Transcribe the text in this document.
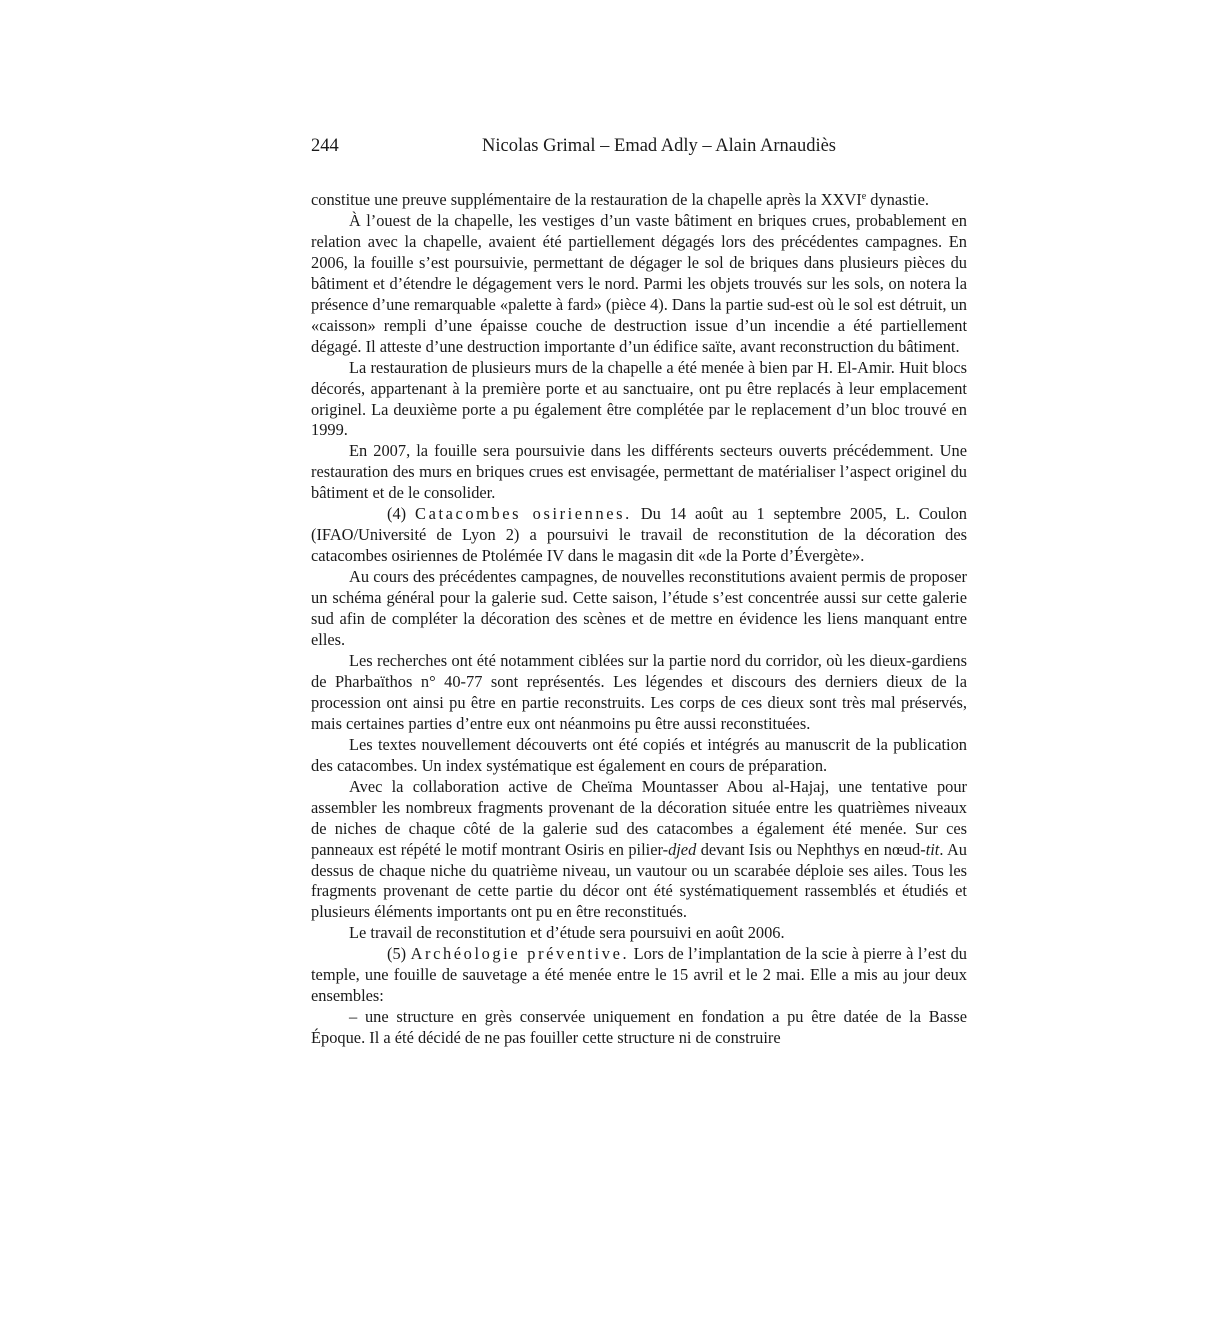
244	Nicolas Grimal – Emad Adly – Alain Arnaudiès

constitue une preuve supplémentaire de la restauration de la chapelle après la XXVIe dynastie.

À l’ouest de la chapelle, les vestiges d’un vaste bâtiment en briques crues, probablement en relation avec la chapelle, avaient été partiellement dégagés lors des précédentes campagnes. En 2006, la fouille s’est poursuivie, permettant de dégager le sol de briques dans plusieurs pièces du bâtiment et d’étendre le dégagement vers le nord. Parmi les objets trouvés sur les sols, on notera la présence d’une remarquable «palette à fard» (pièce 4). Dans la partie sud-est où le sol est détruit, un «caisson» rempli d’une épaisse couche de destruction issue d’un incendie a été partiellement dégagé. Il atteste d’une destruction importante d’un édifice saïte, avant reconstruction du bâtiment.

La restauration de plusieurs murs de la chapelle a été menée à bien par H. El-Amir. Huit blocs décorés, appartenant à la première porte et au sanctuaire, ont pu être replacés à leur emplacement originel. La deuxième porte a pu également être complétée par le replacement d’un bloc trouvé en 1999.

En 2007, la fouille sera poursuivie dans les différents secteurs ouverts précédemment. Une restauration des murs en briques crues est envisagée, permettant de matérialiser l’aspect originel du bâtiment et de le consolider.

(4) Catacombes osiriennes. Du 14 août au 1 septembre 2005, L. Coulon (IFAO/Université de Lyon 2) a poursuivi le travail de reconstitution de la décoration des catacombes osiriennes de Ptolémée IV dans le magasin dit «de la Porte d’Évergète».

Au cours des précédentes campagnes, de nouvelles reconstitutions avaient permis de proposer un schéma général pour la galerie sud. Cette saison, l’étude s’est concentrée aussi sur cette galerie sud afin de compléter la décoration des scènes et de mettre en évidence les liens manquant entre elles.

Les recherches ont été notamment ciblées sur la partie nord du corridor, où les dieux-gardiens de Pharbaïthos n° 40-77 sont représentés. Les légendes et discours des derniers dieux de la procession ont ainsi pu être en partie reconstruits. Les corps de ces dieux sont très mal préservés, mais certaines parties d’entre eux ont néanmoins pu être aussi reconstituées.

Les textes nouvellement découverts ont été copiés et intégrés au manuscrit de la publication des catacombes. Un index systématique est également en cours de préparation.

Avec la collaboration active de Cheïma Mountasser Abou al-Hajaj, une tentative pour assembler les nombreux fragments provenant de la décoration située entre les quatrièmes niveaux de niches de chaque côté de la galerie sud des catacombes a également été menée. Sur ces panneaux est répété le motif montrant Osiris en pilier-djed devant Isis ou Nephthys en nœud-tit. Au dessus de chaque niche du quatrième niveau, un vautour ou un scarabée déploie ses ailes. Tous les fragments provenant de cette partie du décor ont été systématiquement rassemblés et étudiés et plusieurs éléments importants ont pu en être reconstitués.

Le travail de reconstitution et d’étude sera poursuivi en août 2006.

(5) Archéologie préventive. Lors de l’implantation de la scie à pierre à l’est du temple, une fouille de sauvetage a été menée entre le 15 avril et le 2 mai. Elle a mis au jour deux ensembles:

– une structure en grès conservée uniquement en fondation a pu être datée de la Basse Époque. Il a été décidé de ne pas fouiller cette structure ni de construire
